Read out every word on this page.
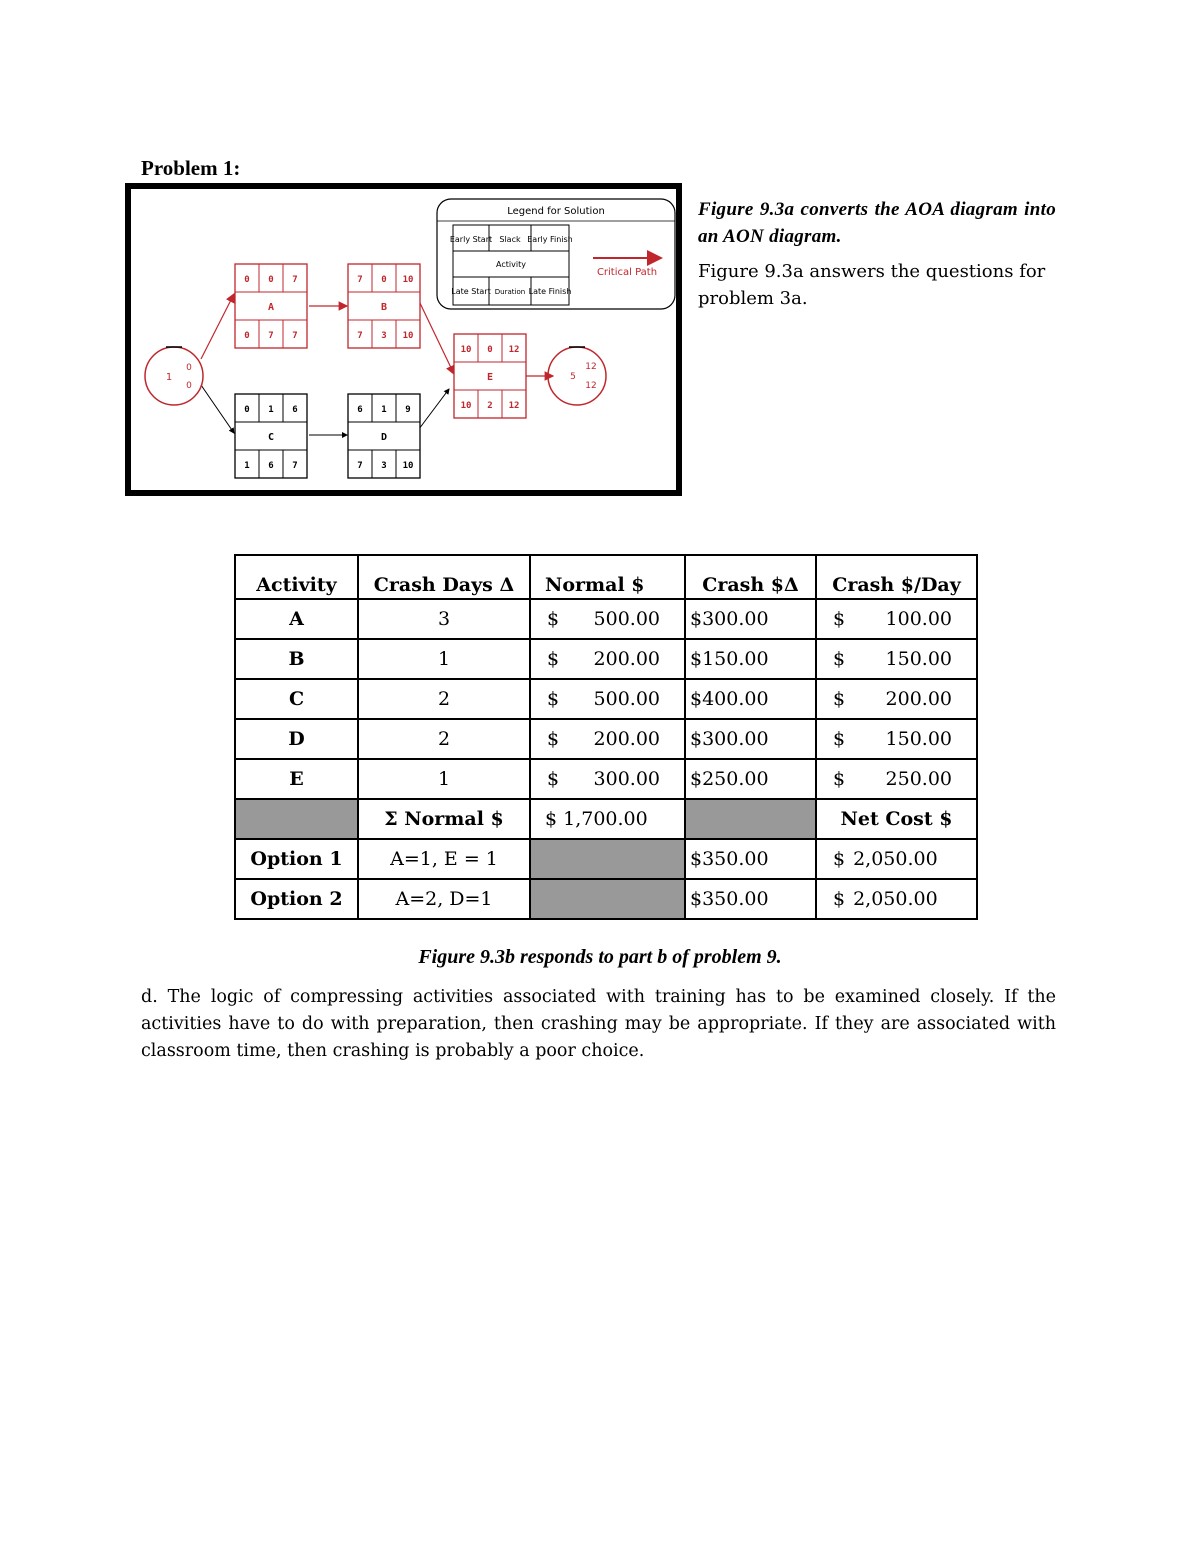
Problem 1:
Legend for Solution
Early Start Slack Early Finish
Activity
Late Start Duration Late Finish
Critical Path
1
0
0
5
12
12
0 0 7
0 7 7
A
7 0 10
7 3 10
B
0 1 6
1 6 7
C
6 1 9
7 3 10
D
10 0 12
10 2 12
E

Figure 9.3a converts the AOA diagram into an AON diagram.

Figure 9.3a answers the questions for problem 3a.

Activity	Crash Days Δ	Normal $	Crash $Δ	Crash $/Day
A	3	$ 500.00	$300.00	$ 100.00

B	1	$ 200.00	$150.00	$ 150.00

C	2	$ 500.00	$400.00	$ 200.00

D	2	$ 200.00	$300.00	$ 150.00

E	1	$ 300.00	$250.00	$ 250.00

	Σ Normal $	$ 1,700.00		Net Cost $
Option 1	A=1, E = 1		$350.00	$ 2,050.00

Option 2	A=2, D=1		$350.00	$ 2,050.00
Figure 9.3b responds to part b of problem 9.

d. The logic of compressing activities associated with training has to be examined closely. If the activities have to do with preparation, then crashing may be appropriate. If they are associated with classroom time, then crashing is probably a poor choice.
